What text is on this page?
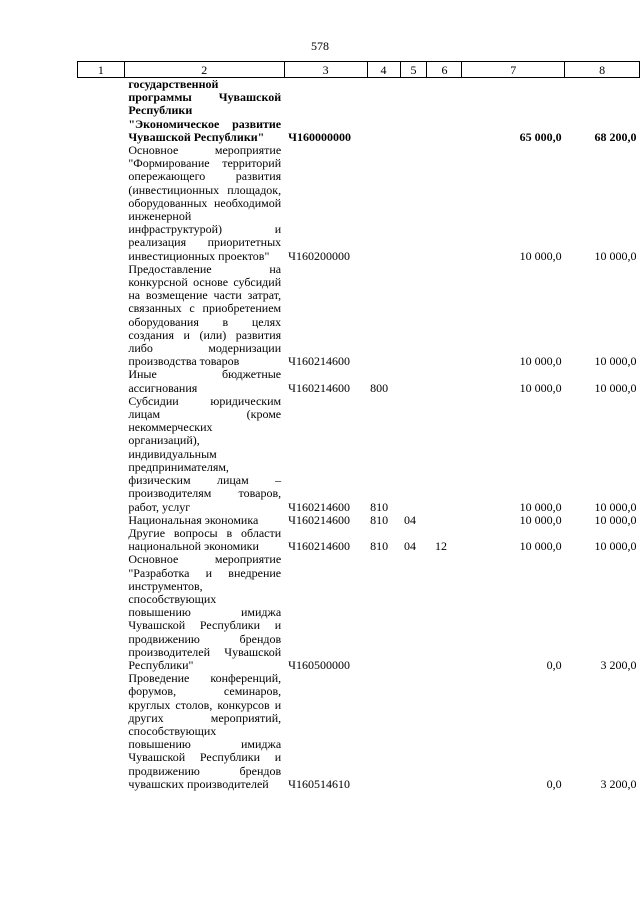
578
1	2	3	4	5	6	7	8
	государственной программы Чувашской Республики "Экономическое развитие Чувашской Республики"	Ч160000000				65 000,0	68 200,0
	Основное мероприятие "Формирование территорий опережающего развития (инвестиционных площадок, оборудованных необходимой инженерной инфраструктурой) и реализация приоритетных инвестиционных проектов"	Ч160200000				10 000,0	10 000,0
	Предоставление на конкурсной основе субсидий на возмещение части затрат, связанных с приобретением оборудования в целях создания и (или) развития либо модернизации производства товаров	Ч160214600				10 000,0	10 000,0
	Иные бюджетные ассигнования	Ч160214600	800			10 000,0	10 000,0
	Субсидии юридическим лицам (кроме некоммерческих организаций), индивидуальным предпринимателям, физическим лицам – производителям товаров, работ, услуг	Ч160214600	810			10 000,0	10 000,0
	Национальная экономика	Ч160214600	810	04		10 000,0	10 000,0
	Другие вопросы в области национальной экономики	Ч160214600	810	04	12	10 000,0	10 000,0
	Основное мероприятие "Разработка и внедрение инструментов, способствующих повышению имиджа Чувашской Республики и продвижению брендов производителей Чувашской Республики"	Ч160500000				0,0	3 200,0
	Проведение конференций, форумов, семинаров, круглых столов, конкурсов и других мероприятий, способствующих повышению имиджа Чувашской Республики и продвижению брендов чувашских производителей	Ч160514610				0,0	3 200,0
